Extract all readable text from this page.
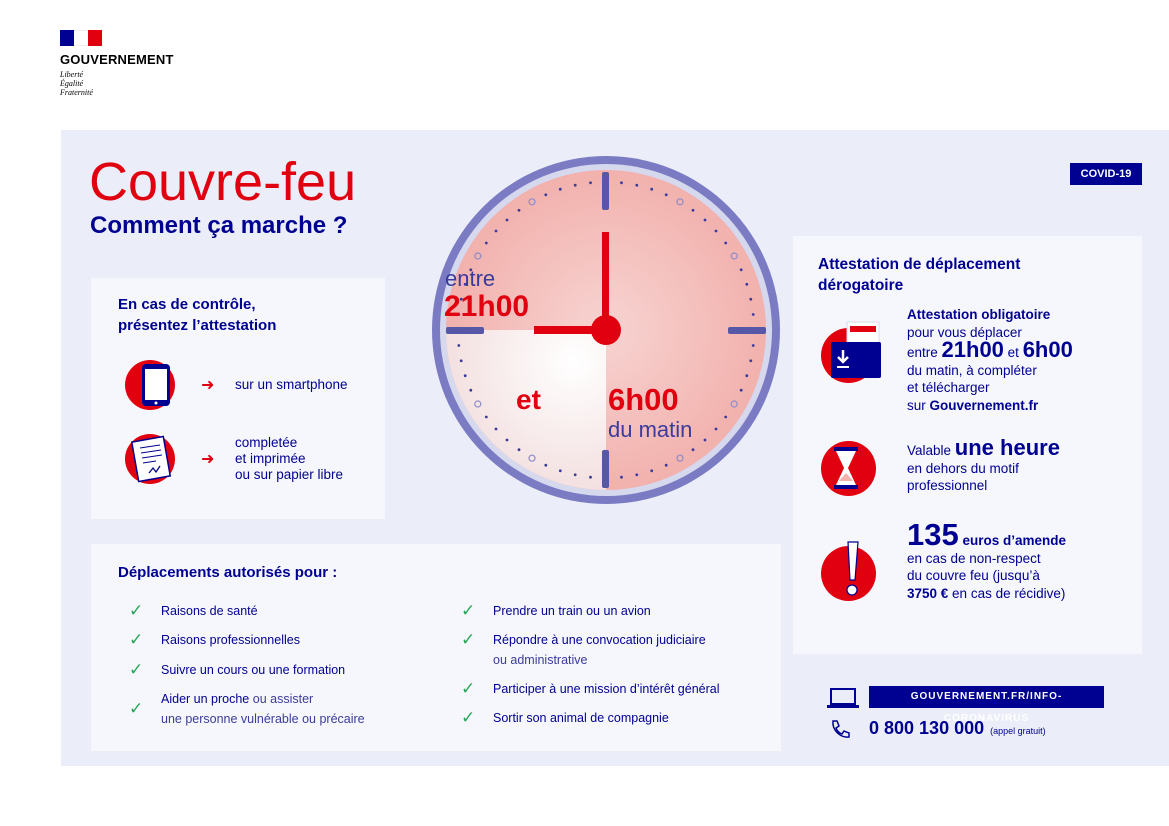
GOUVERNEMENT
Liberté
Égalité
Fraternité
Couvre-feu
Comment ça marche ?
COVID-19
entre
21h00
et 6h00
du matin
En cas de contrôle,
présentez l’attestation
➜	sur un smartphone
➜
completée
et imprimée
ou sur papier libre
Déplacements autorisés pour :
✓	Raisons de santé
✓	Raisons professionnelles
✓	Suivre un cours ou une formation
✓	Aider un proche ou assister
une personne vulnérable ou précaire
✓	Prendre un train ou un avion
✓	Répondre à une convocation judiciaire
ou administrative
✓	Participer à une mission d’intérêt général
✓	Sortir son animal de compagnie
Attestation de déplacement
dérogatoire
Attestation obligatoire
pour vous déplacer
entre 21h00 et 6h00
du matin, à compléter
et télécharger
sur Gouvernement.fr
Valable une heure
en dehors du motif
professionnel
135 euros d’amende
en cas de non-respect
du couvre feu (jusqu’à
3750 € en cas de récidive)
GOUVERNEMENT.FR/INFO-CORONAVIRUS
0 800 130 000 (appel gratuit)
